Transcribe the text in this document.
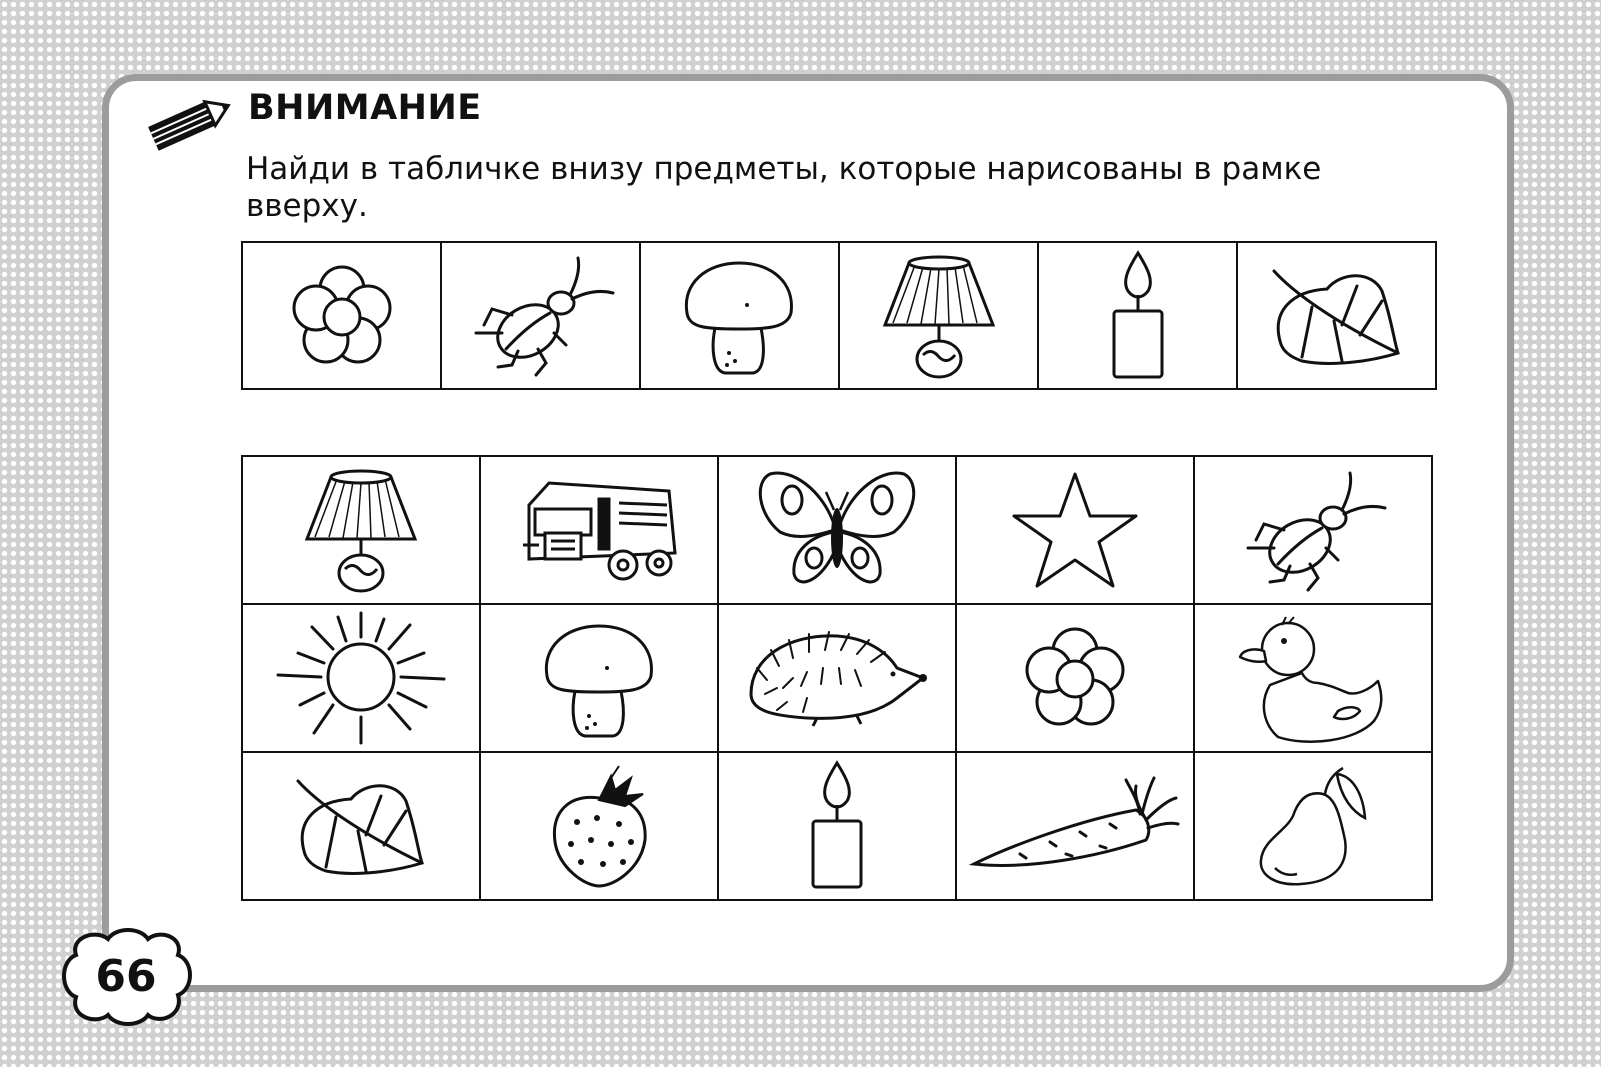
ВНИМАНИЕ

Найди в табличке внизу предметы, которые нарисованы в рамке вверху.

66
